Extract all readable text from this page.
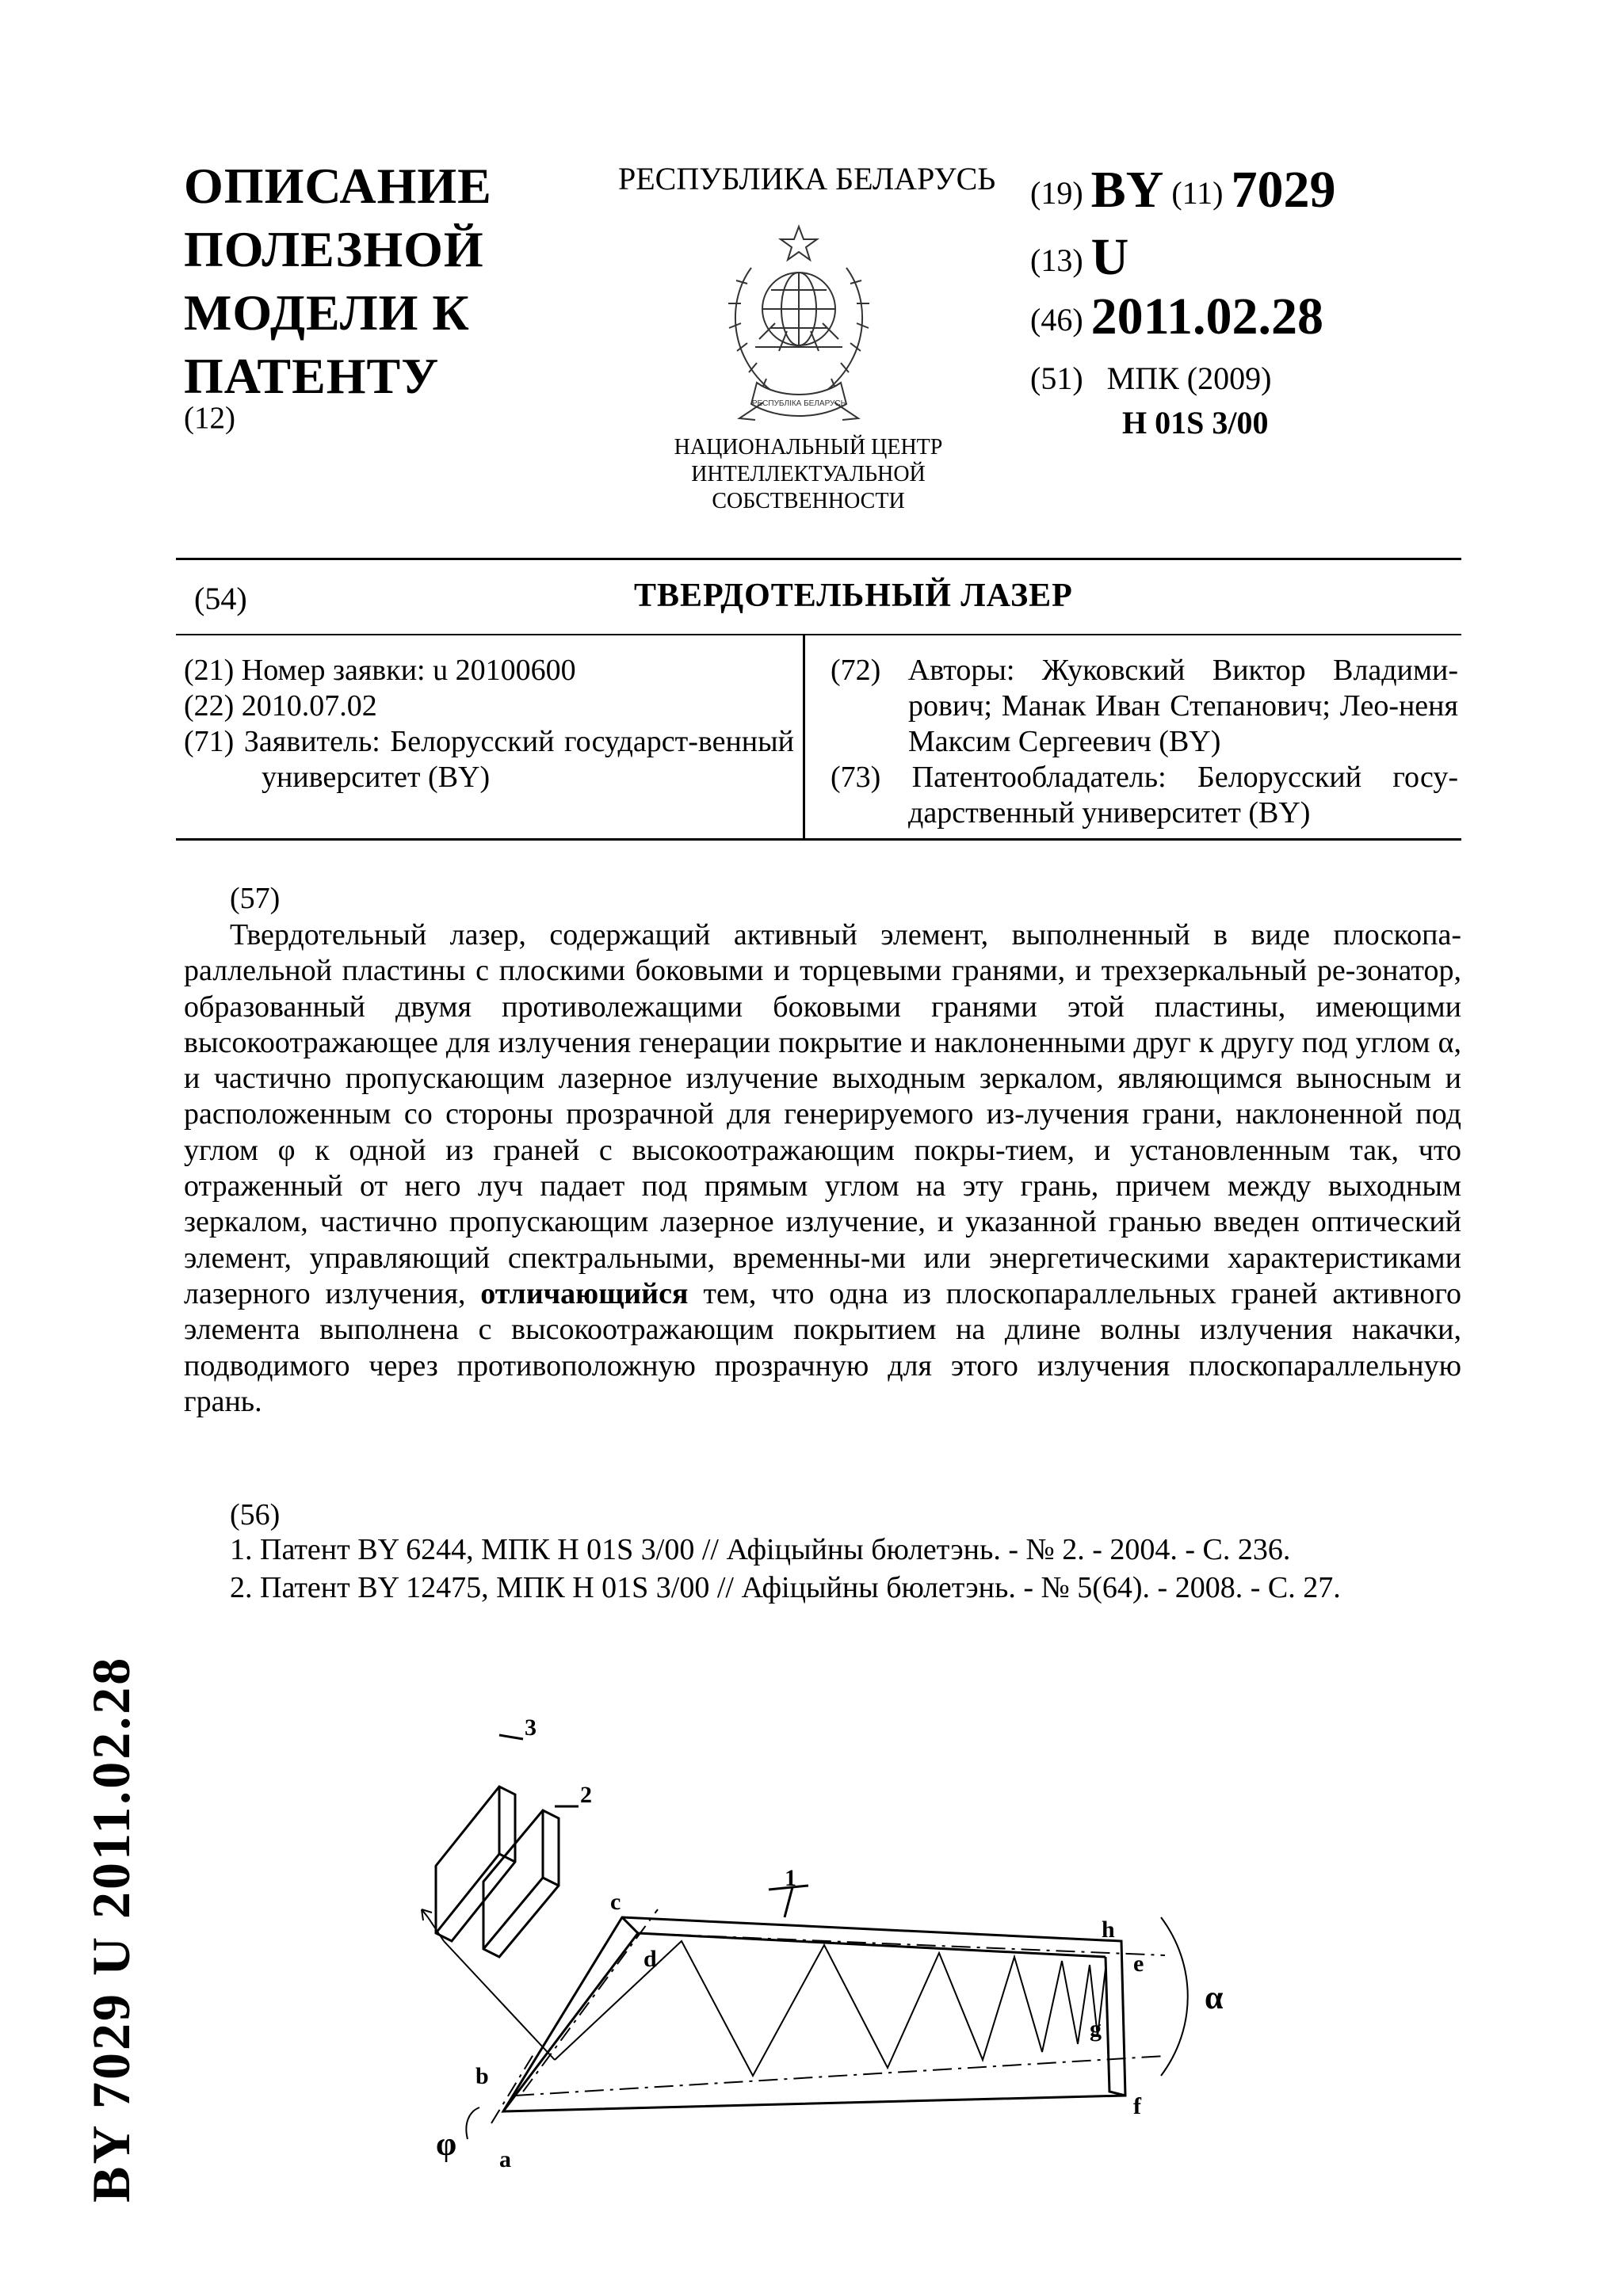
ОПИСАНИЕ
ПОЛЕЗНОЙ
МОДЕЛИ К
ПАТЕНТУ
(12)
РЕСПУБЛИКА БЕЛАРУСЬ
РЕСПУБЛІКА БЕЛАРУСЬ
НАЦИОНАЛЬНЫЙ ЦЕНТР
ИНТЕЛЛЕКТУАЛЬНОЙ
СОБСТВЕННОСТИ
(19) BY (11) 7029
(13) U
(46) 2011.02.28
(51) МПК (2009)
H 01S 3/00
(54)	ТВЕРДОТЕЛЬНЫЙ ЛАЗЕР
(21) Номер заявки: u 20100600
(22) 2010.07.02
(71) Заявитель: Белорусский государст-венный университет (BY)
(72) Авторы: Жуковский Виктор Владими-рович; Манак Иван Степанович; Лео-неня Максим Сергеевич (BY)
(73) Патентообладатель: Белорусский госу-дарственный университет (BY)
(57)
Твердотельный лазер, содержащий активный элемент, выполненный в виде плоскопа-раллельной пластины с плоскими боковыми и торцевыми гранями, и трехзеркальный ре-зонатор, образованный двумя противолежащими боковыми гранями этой пластины, имеющими высокоотражающее для излучения генерации покрытие и наклоненными друг к другу под углом α, и частично пропускающим лазерное излучение выходным зеркалом, являющимся выносным и расположенным со стороны прозрачной для генерируемого из-лучения грани, наклоненной под углом φ к одной из граней с высокоотражающим покры-тием, и установленным так, что отраженный от него луч падает под прямым углом на эту грань, причем между выходным зеркалом, частично пропускающим лазерное излучение, и указанной гранью введен оптический элемент, управляющий спектральными, временны-ми или энергетическими характеристиками лазерного излучения, отличающийся тем, что одна из плоскопараллельных граней активного элемента выполнена с высокоотражающим покрытием на длине волны излучения накачки, подводимого через противоположную прозрачную для этого излучения плоскопараллельную грань.
(56)
1. Патент BY 6244, МПК H 01S 3/00 // Афіцыйны бюлетэнь. - № 2. - 2004. - С. 236.
2. Патент BY 12475, МПК H 01S 3/00 // Афіцыйны бюлетэнь. - № 5(64). - 2008. - С. 27.
1
2
3
a
b
c
d	e
f
g
h
φ
α
BY 7029 U 2011.02.28
